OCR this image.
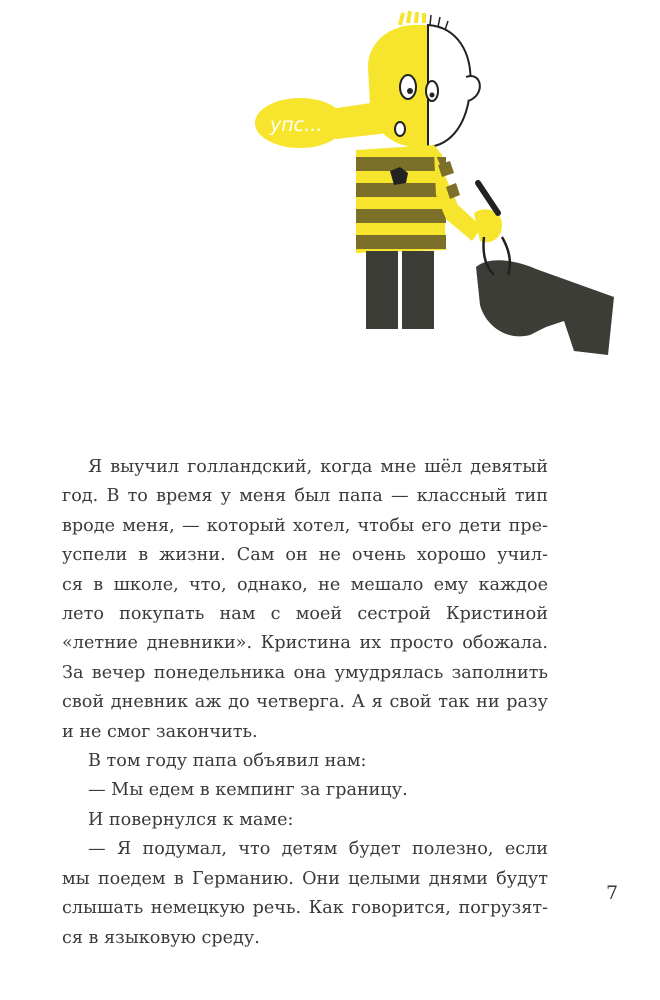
упс...
Я выучил голландский, когда мне шёл девятый
год. В то время у меня был папа — классный тип
вроде меня, — который хотел, чтобы его дети пре-
успели в жизни. Сам он не очень хорошо учил-
ся в школе, что, однако, не мешало ему каждое
лето покупать нам с моей сестрой Кристиной
«летние дневники». Кристина их просто обожала.
За вечер понедельника она умудрялась заполнить
свой дневник аж до четверга. А я свой так ни разу
и не смог закончить.
В том году папа объявил нам:
— Мы едем в кемпинг за границу.
И повернулся к маме:
— Я подумал, что детям будет полезно, если
мы поедем в Германию. Они целыми днями будут
слышать немецкую речь. Как говорится, погрузят-
ся в языковую среду.
7
